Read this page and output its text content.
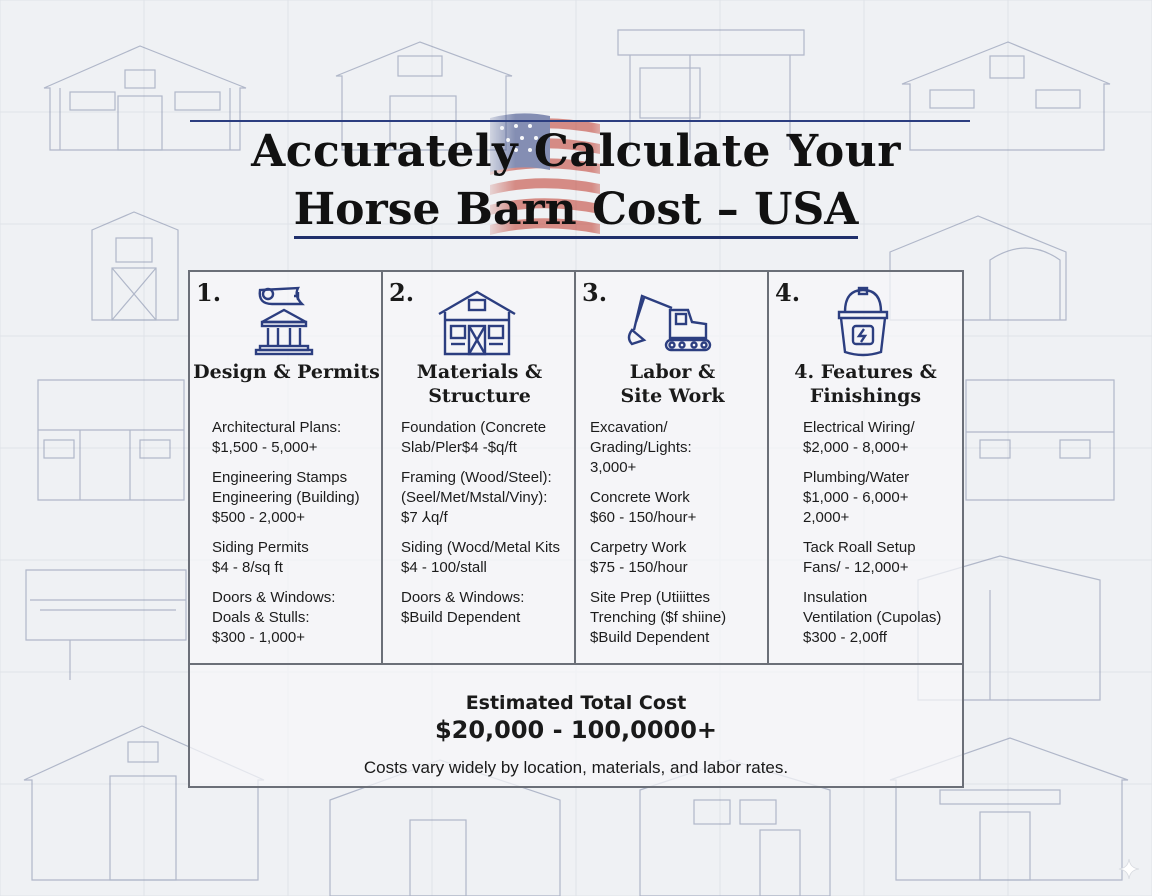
Accurately Calculate Your
Horse Barn Cost – USA
1.
Design & Permits
Architectural Plans:
$1,500 - 5,000+
Engineering Stamps
Engineering (Building)
$500 - 2,000+
Siding Permits
$4 - 8/sq ft
Doors & Windows:
Doals & Stulls:
$300 - 1,000+
2.
Materials &
Structure
Foundation (Concrete
Slab/Pler$4 -$q/ft
Framing (Wood/Steel):
(Seel/Met/Mstal/Viny):
$7 ⅄q/f
Siding (Wocd/Metal Kits
$4 - 100/stall
Doors & Windows:
$Build Dependent
3.
Labor &
Site Work
Excavation/
Grading/Lights:
3,000+
Concrete Work
$60 - 150/hour+
Carpetry Work
$75 - 150/hour
Site Prep (Utiiittes
Trenching ($f shiine)
$Build Dependent
4.
4. Features &
Finishings
Electrical Wiring/
$2,000 - 8,000+
Plumbing/Water
$1,000 - 6,000+
2,000+
Tack Roall Setup
Fans/ - 12,000+
Insulation
Ventilation (Cupolas)
$300 - 2,00ff
Estimated Total Cost
$20,000 - 100,0000+
Costs vary widely by location, materials, and labor rates.
